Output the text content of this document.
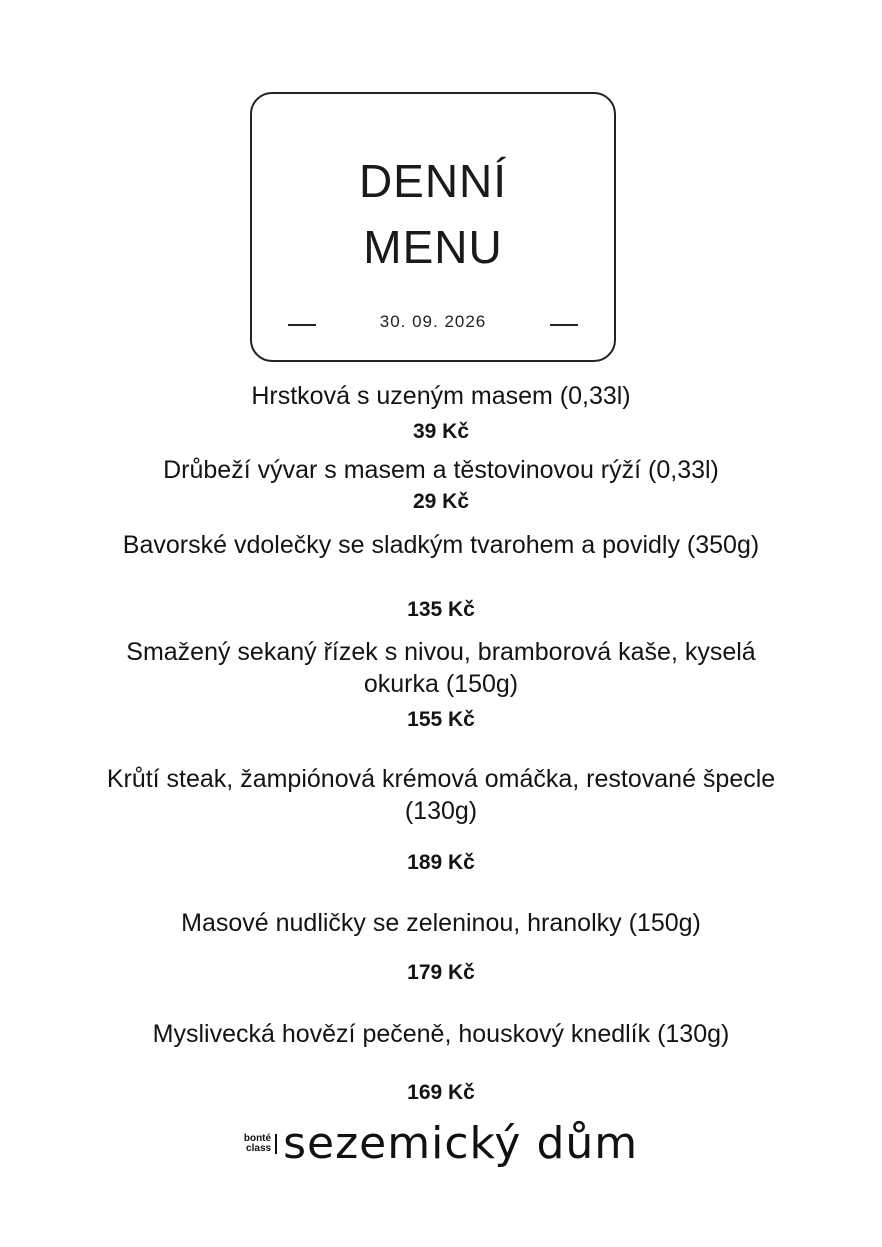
DENNÍ
MENU
30. 09. 2026
Hrstková s uzeným masem (0,33l)
39 Kč
Drůbeží vývar s masem a těstovinovou rýží (0,33l)
29 Kč
Bavorské vdolečky se sladkým tvarohem a povidly (350g)
135 Kč
Smažený sekaný řízek s nivou, bramborová kaše, kyselá okurka (150g)
155 Kč
Krůtí steak, žampiónová krémová omáčka, restované špecle (130g)
189 Kč
Masové nudličky se zeleninou, hranolky (150g)
179 Kč
Myslivecká hovězí pečeně, houskový knedlík (130g)
169 Kč
bonté
class sezemický dům
